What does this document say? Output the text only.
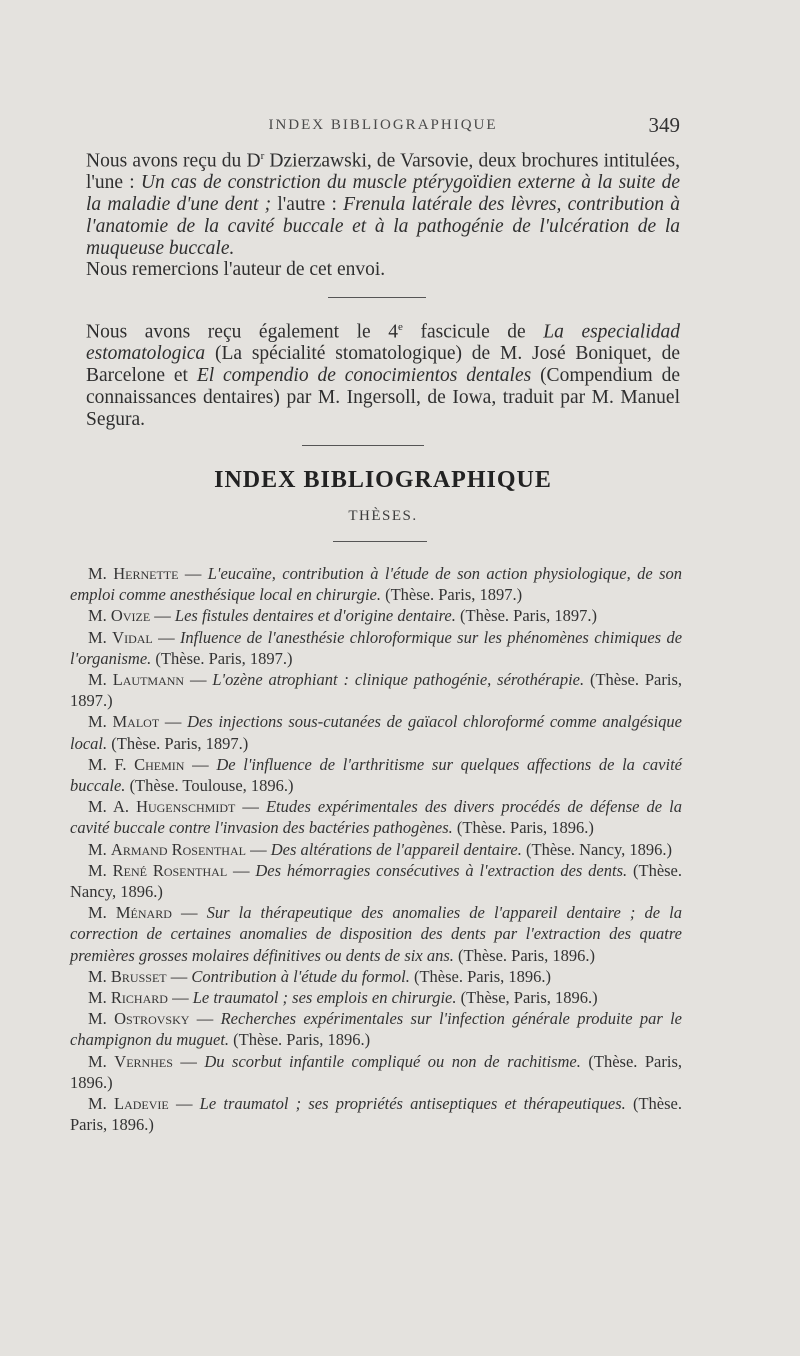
INDEX BIBLIOGRAPHIQUE	349
Nous avons reçu du $D^r$ Dzierzawski, de Varsovie, deux brochures intitulées, l'une : Un cas de constriction du muscle ptérygoïdien externe à la suite de la maladie d'une dent ; l'autre : Frenula latérale des lèvres, contribution à l'anatomie de la cavité buccale et à la pathogénie de l'ulcération de la muqueuse buccale.
Nous remercions l'auteur de cet envoi.
Nous avons reçu également le 4e fascicule de La especialidad estomatologica (La spécialité stomatologique) de M. José Boniquet, de Barcelone et El compendio de conocimientos dentales (Compendium de connaissances dentaires) par M. Ingersoll, de Iowa, traduit par M. Manuel Segura.
INDEX BIBLIOGRAPHIQUE
THÈSES.

M. Hernette — L'eucaïne, contribution à l'étude de son action physiologique, de son emploi comme anesthésique local en chirurgie. (Thèse. Paris, 1897.)

M. Ovize — Les fistules dentaires et d'origine dentaire. (Thèse. Paris, 1897.)

M. Vidal — Influence de l'anesthésie chloroformique sur les phénomènes chimiques de l'organisme. (Thèse. Paris, 1897.)

M. Lautmann — L'ozène atrophiant : clinique pathogénie, sérothérapie. (Thèse. Paris, 1897.)

M. Malot — Des injections sous-cutanées de gaïacol chloroformé comme analgésique local. (Thèse. Paris, 1897.)

M. F. Chemin — De l'influence de l'arthritisme sur quelques affections de la cavité buccale. (Thèse. Toulouse, 1896.)

M. A. Hugenschmidt — Etudes expérimentales des divers procédés de défense de la cavité buccale contre l'invasion des bactéries pathogènes. (Thèse. Paris, 1896.)

M. Armand Rosenthal — Des altérations de l'appareil dentaire. (Thèse. Nancy, 1896.)

M. René Rosenthal — Des hémorragies consécutives à l'extraction des dents. (Thèse. Nancy, 1896.)

M. Ménard — Sur la thérapeutique des anomalies de l'appareil dentaire ; de la correction de certaines anomalies de disposition des dents par l'extraction des quatre premières grosses molaires définitives ou dents de six ans. (Thèse. Paris, 1896.)

M. Brusset — Contribution à l'étude du formol. (Thèse. Paris, 1896.)

M. Richard — Le traumatol ; ses emplois en chirurgie. (Thèse, Paris, 1896.)

M. Ostrovsky — Recherches expérimentales sur l'infection générale produite par le champignon du muguet. (Thèse. Paris, 1896.)

M. Vernhes — Du scorbut infantile compliqué ou non de rachitisme. (Thèse. Paris, 1896.)

M. Ladevie — Le traumatol ; ses propriétés antiseptiques et thérapeutiques. (Thèse. Paris, 1896.)
